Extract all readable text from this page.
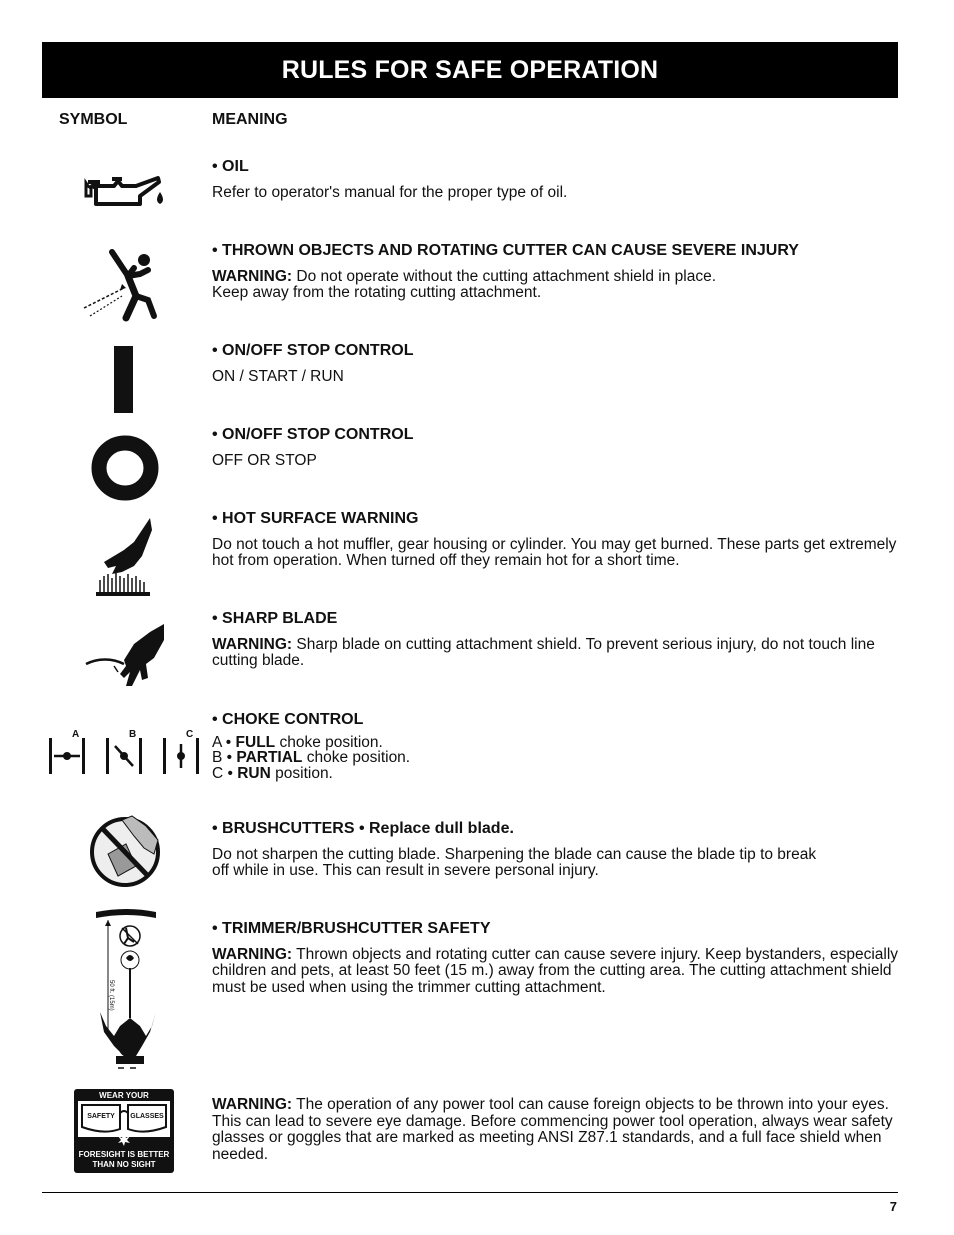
RULES FOR SAFE OPERATION
SYMBOL	MEANING
• OIL

Refer to operator's manual for the proper type of oil.

• THROWN OBJECTS AND ROTATING CUTTER CAN CAUSE SEVERE INJURY

WARNING: Do not operate without the cutting attachment shield in place.
Keep away from the rotating cutting attachment.

• ON/OFF STOP CONTROL

ON / START / RUN

• ON/OFF STOP CONTROL

OFF OR STOP

• HOT SURFACE WARNING

Do not touch a hot muffler, gear housing or cylinder. You may get burned. These parts get extremely hot from operation. When turned off they remain hot for a short time.

• SHARP BLADE

WARNING: Sharp blade on cutting attachment shield. To prevent serious injury, do not touch line cutting blade.

A	B	C
• CHOKE CONTROL

A • FULL choke position.
B • PARTIAL choke position.
C • RUN position.

• BRUSHCUTTERS • Replace dull blade.

Do not sharpen the cutting blade. Sharpening the blade can cause the blade tip to break off while in use. This can result in severe personal injury.

50 ft. (15m)
• TRIMMER/BRUSHCUTTER SAFETY

WARNING: Thrown objects and rotating cutter can cause severe injury. Keep bystanders, especially children and pets, at least 50 feet (15 m.) away from the cutting area. The cutting attachment shield must be used when using the trimmer cutting attachment.

WEAR YOUR
SAFETY GLASSES
FORESIGHT IS BETTER
THAN NO SIGHT

WARNING: The operation of any power tool can cause foreign objects to be thrown into your eyes. This can lead to severe eye damage. Before commencing power tool operation, always wear safety glasses or goggles that are marked as meeting ANSI Z87.1 standards, and a full face shield when needed.

7
